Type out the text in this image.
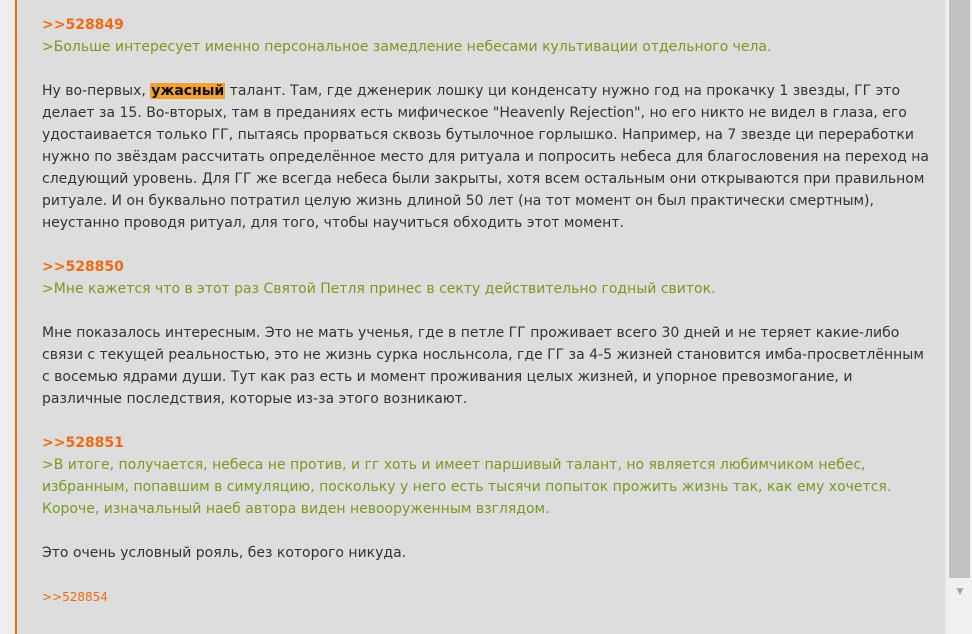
>>528849
>Больше интересует именно персональное замедление небесами культивации отдельного чела.
Ну во-первых, ужасный талант. Там, где дженерик лошку ци конденсату нужно год на прокачку 1 звезды, ГГ это делает за 15. Во-вторых, там в преданиях есть мифическое "Heavenly Rejection", но его никто не видел в глаза, его удостаивается только ГГ, пытаясь прорваться сквозь бутылочное горлышко. Например, на 7 звезде ци переработки нужно по звёздам рассчитать определённое место для ритуала и попросить небеса для благословения на переход на следующий уровень. Для ГГ же всегда небеса были закрыты, хотя всем остальным они открываются при правильном ритуале. И он буквально потратил целую жизнь длиной 50 лет (на тот момент он был практически смертным), неустанно проводя ритуал, для того, чтобы научиться обходить этот момент.
>>528850
>Мне кажется что в этот раз Святой Петля принес в секту действительно годный свиток.
Мне показалось интересным. Это не мать ученья, где в петле ГГ проживает всего 30 дней и не теряет какие-либо связи с текущей реальностью, это не жизнь сурка носльнсола, где ГГ за 4-5 жизней становится имба-просветлённым с восемью ядрами души. Тут как раз есть и момент проживания целых жизней, и упорное превозмогание, и различные последствия, которые из-за этого возникают.
>>528851
>В итоге, получается, небеса не против, и гг хоть и имеет паршивый талант, но является любимчиком небес, избранным, попавшим в симуляцию, поскольку у него есть тысячи попыток прожить жизнь так, как ему хочется. Короче, изначальный наеб автора виден невооруженным взглядом.
Это очень условный рояль, без которого никуда.
>>528854	▼
